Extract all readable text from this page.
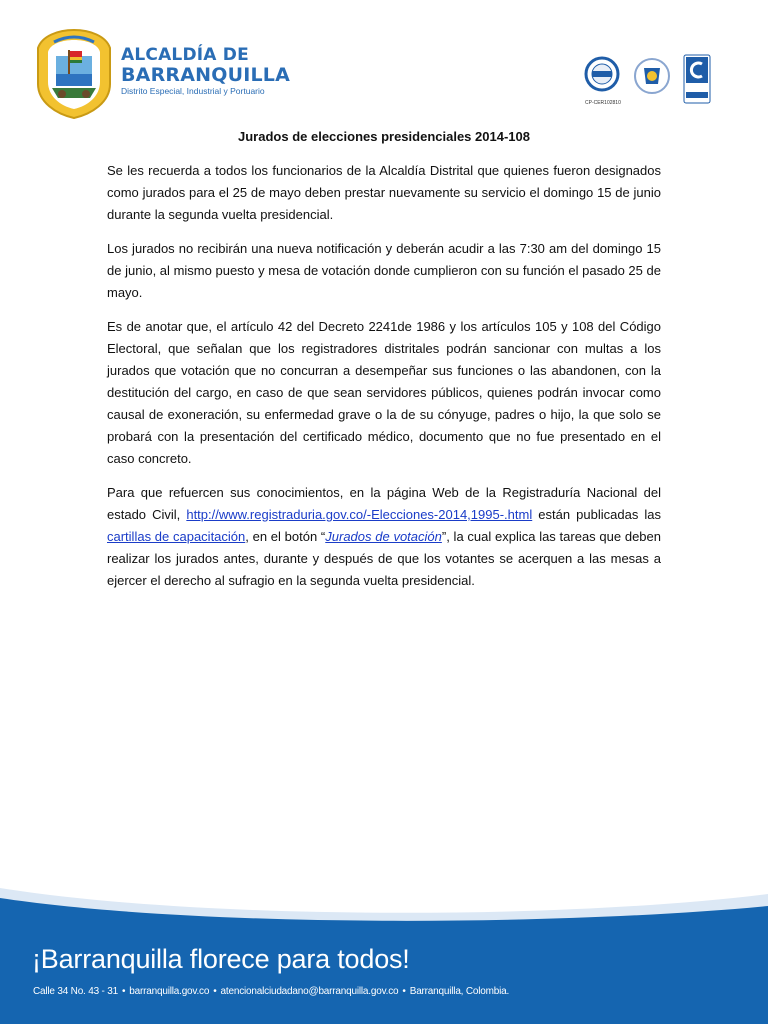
ALCALDÍA DE
BARRANQUILLA
Distrito Especial, Industrial y Portuario
CP-CER102810
Jurados de elecciones presidenciales 2014-108

Se les recuerda a todos los funcionarios de la Alcaldía Distrital que quienes fueron designados como jurados para el 25 de mayo deben prestar nuevamente su servicio el domingo 15 de junio durante la segunda vuelta presidencial.

Los jurados no recibirán una nueva notificación y deberán acudir a las 7:30 am del domingo 15 de junio, al mismo puesto y mesa de votación donde cumplieron con su función el pasado 25 de mayo.

Es de anotar que, el artículo 42 del Decreto 2241de 1986 y los artículos 105 y 108 del Código Electoral, que señalan que los registradores distritales podrán sancionar con multas a los jurados que votación que no concurran a desempeñar sus funciones o las abandonen, con la destitución del cargo, en caso de que sean servidores públicos, quienes podrán invocar como causal de exoneración, su enfermedad grave o la de su cónyuge, padres o hijo, la que solo se probará con la presentación del certificado médico, documento que no fue presentado en el caso concreto.

Para que refuercen sus conocimientos, en la página Web de la Registraduría Nacional del estado Civil, http://www.registraduria.gov.co/-Elecciones-2014,1995-.html están publicadas las cartillas de capacitación, en el botón “Jurados de votación”, la cual explica las tareas que deben realizar los jurados antes, durante y después de que los votantes se acerquen a las mesas a ejercer el derecho al sufragio en la segunda vuelta presidencial.

¡Barranquilla florece para todos!
Calle 34 No. 43 - 31 • barranquilla.gov.co • atencionalciudadano@barranquilla.gov.co • Barranquilla, Colombia.
